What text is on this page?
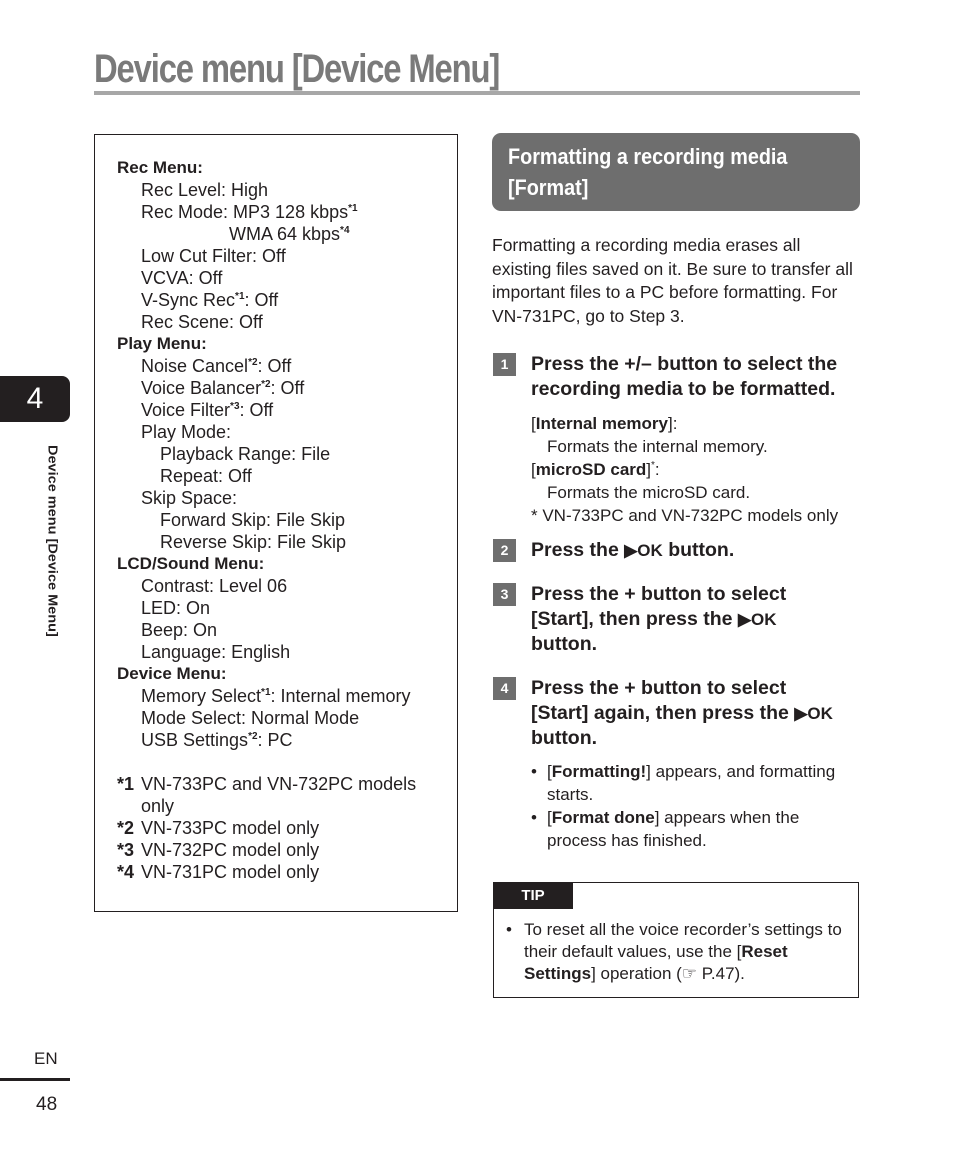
Device menu [Device Menu]
4
Device menu [Device Menu]
EN
48
Rec Menu:
Rec Level: High
Rec Mode: MP3 128 kbps$^{*1}$
WMA 64 kbps$^{*4}$
Low Cut Filter: Off
VCVA: Off
V-Sync Rec$^{*1}$: Off
Rec Scene: Off
Play Menu:
Noise Cancel$^{*2}$: Off
Voice Balancer$^{*2}$: Off
Voice Filter$^{*3}$: Off
Play Mode:
Playback Range: File
Repeat: Off
Skip Space:
Forward Skip: File Skip
Reverse Skip: File Skip
LCD/Sound Menu:
Contrast: Level 06
LED: On
Beep: On
Language: English
Device Menu:
Memory Select$^{*1}$: Internal memory
Mode Select: Normal Mode
USB Settings$^{*2}$: PC
*1 VN-733PC and VN-732PC models
only
*2 VN-733PC model only
*3 VN-732PC model only
*4 VN-731PC model only
Formatting a recording media
[Format]

Formatting a recording media erases all existing files saved on it. Be sure to transfer all important files to a PC before formatting. For VN-731PC, go to Step 3.

1	Press the +/– button to select the
recording media to be formatted.
[Internal memory]:
Formats the internal memory.
[microSD card]*:
Formats the microSD card.
* VN-733PC and VN-732PC models only
2	Press the ▶OK button.
3	Press the + button to select
[Start], then press the ▶OK
button.
4	Press the + button to select
[Start] again, then press the ▶OK
button.
• [Formatting!] appears, and formatting starts.
• [Format done] appears when the process has finished.
TIP

• To reset all the voice recorder’s settings to their default values, use the [Reset Settings] operation (☞ P.47).
